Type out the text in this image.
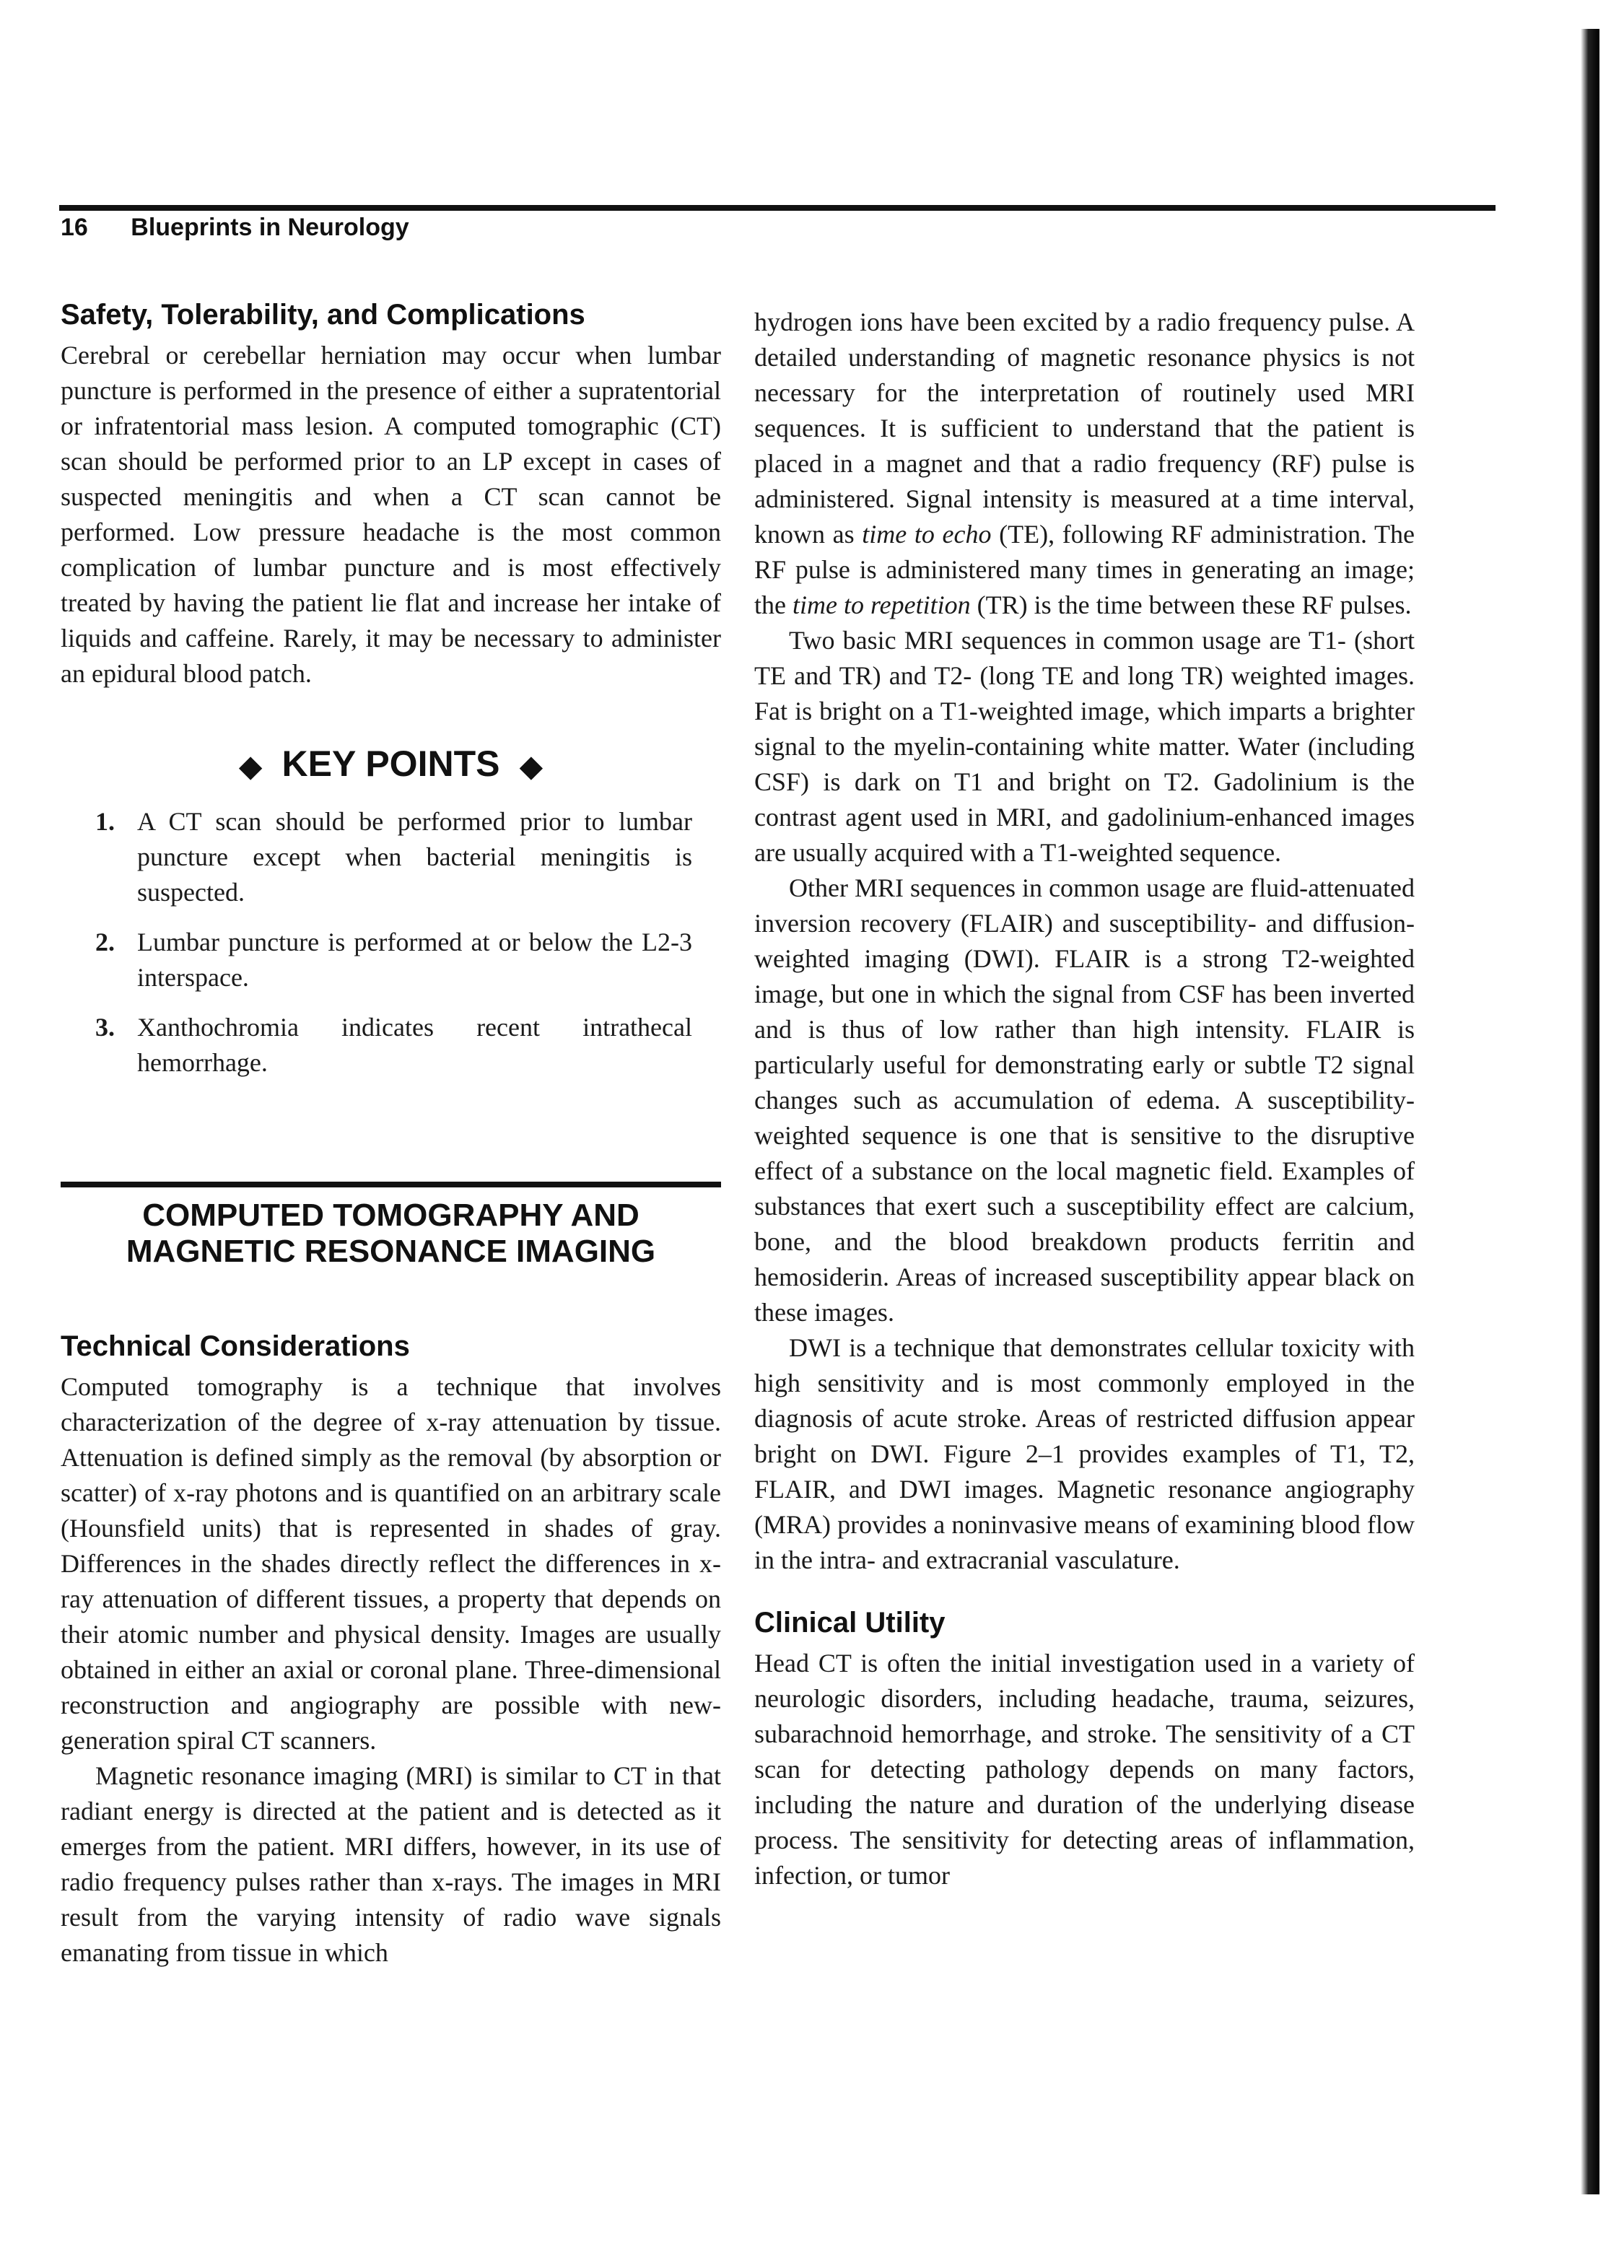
16 Blueprints in Neurology
Safety, Tolerability, and Complications

Cerebral or cerebellar herniation may occur when lumbar puncture is performed in the presence of either a supratentorial or infratentorial mass lesion. A computed tomographic (CT) scan should be performed prior to an LP except in cases of suspected meningitis and when a CT scan cannot be performed. Low pressure headache is the most common complication of lumbar puncture and is most effectively treated by having the patient lie flat and increase her intake of liquids and caffeine. Rarely, it may be necessary to administer an epidural blood patch.

◆ KEY POINTS ◆
1. A CT scan should be performed prior to lumbar puncture except when bacterial meningitis is suspected.
2. Lumbar puncture is performed at or below the L2-3 interspace.
3. Xanthochromia indicates recent intrathecal hemorrhage.
COMPUTED TOMOGRAPHY AND
MAGNETIC RESONANCE IMAGING
Technical Considerations

Computed tomography is a technique that involves characterization of the degree of x-ray attenuation by tissue. Attenuation is defined simply as the removal (by absorption or scatter) of x-ray photons and is quantified on an arbitrary scale (Hounsfield units) that is represented in shades of gray. Differences in the shades directly reflect the differences in x-ray attenuation of different tissues, a property that depends on their atomic number and physical density. Images are usually obtained in either an axial or coronal plane. Three-dimensional reconstruction and angiography are possible with new-generation spiral CT scanners.

Magnetic resonance imaging (MRI) is similar to CT in that radiant energy is directed at the patient and is detected as it emerges from the patient. MRI differs, however, in its use of radio frequency pulses rather than x-rays. The images in MRI result from the varying intensity of radio wave signals emanating from tissue in which

hydrogen ions have been excited by a radio frequency pulse. A detailed understanding of magnetic resonance physics is not necessary for the interpretation of routinely used MRI sequences. It is sufficient to understand that the patient is placed in a magnet and that a radio frequency (RF) pulse is administered. Signal intensity is measured at a time interval, known as time to echo (TE), following RF administration. The RF pulse is administered many times in generating an image; the time to repetition (TR) is the time between these RF pulses.

Two basic MRI sequences in common usage are T1- (short TE and TR) and T2- (long TE and long TR) weighted images. Fat is bright on a T1-weighted image, which imparts a brighter signal to the myelin-containing white matter. Water (including CSF) is dark on T1 and bright on T2. Gadolinium is the contrast agent used in MRI, and gadolinium-enhanced images are usually acquired with a T1-weighted sequence.

Other MRI sequences in common usage are fluid-attenuated inversion recovery (FLAIR) and susceptibility- and diffusion-weighted imaging (DWI). FLAIR is a strong T2-weighted image, but one in which the signal from CSF has been inverted and is thus of low rather than high intensity. FLAIR is particularly useful for demonstrating early or subtle T2 signal changes such as accumulation of edema. A susceptibility-weighted sequence is one that is sensitive to the disruptive effect of a substance on the local magnetic field. Examples of substances that exert such a susceptibility effect are calcium, bone, and the blood breakdown products ferritin and hemosiderin. Areas of increased susceptibility appear black on these images.

DWI is a technique that demonstrates cellular toxicity with high sensitivity and is most commonly employed in the diagnosis of acute stroke. Areas of restricted diffusion appear bright on DWI. Figure 2–1 provides examples of T1, T2, FLAIR, and DWI images. Magnetic resonance angiography (MRA) provides a noninvasive means of examining blood flow in the intra- and extracranial vasculature.

Clinical Utility

Head CT is often the initial investigation used in a variety of neurologic disorders, including headache, trauma, seizures, subarachnoid hemorrhage, and stroke. The sensitivity of a CT scan for detecting pathology depends on many factors, including the nature and duration of the underlying disease process. The sensitivity for detecting areas of inflammation, infection, or tumor
